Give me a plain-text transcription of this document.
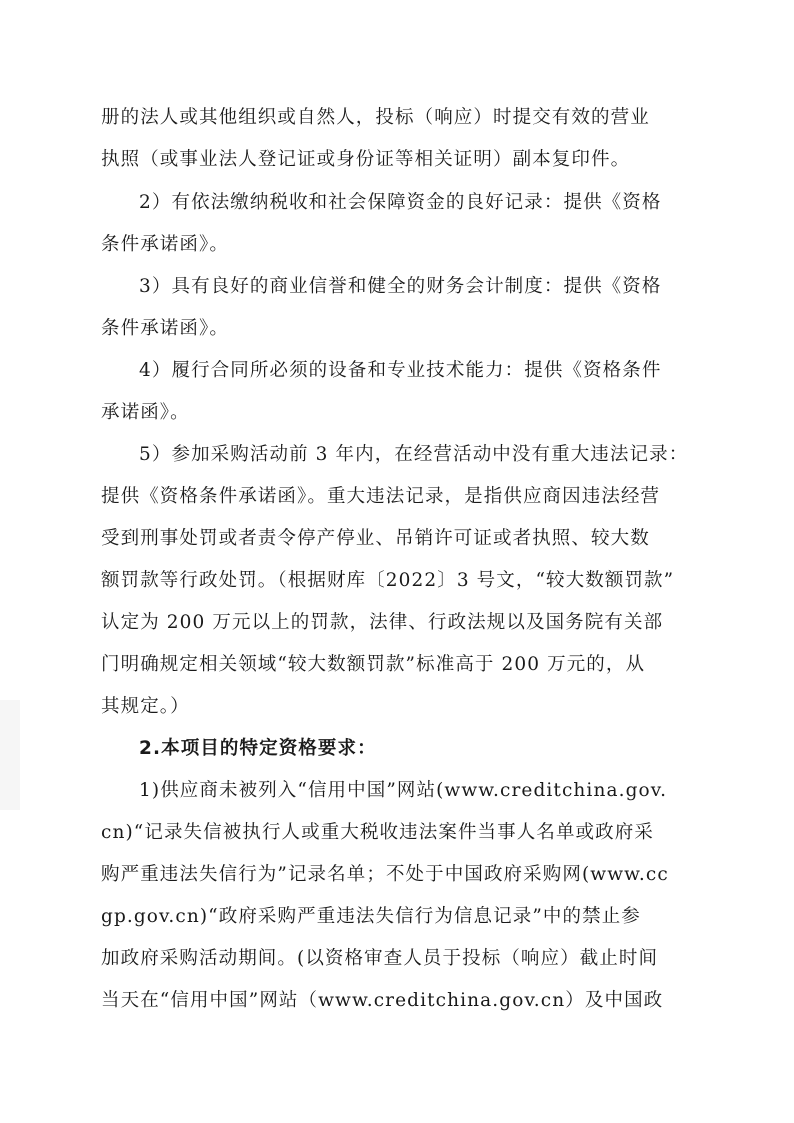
册的法人或其他组织或自然人，投标（响应）时提交有效的营业
执照（或事业法人登记证或身份证等相关证明）副本复印件。
2）有依法缴纳税收和社会保障资金的良好记录：提供《资格
条件承诺函》。
3）具有良好的商业信誉和健全的财务会计制度：提供《资格
条件承诺函》。
4）履行合同所必须的设备和专业技术能力：提供《资格条件
承诺函》。
5）参加采购活动前 3 年内，在经营活动中没有重大违法记录：
提供《资格条件承诺函》。重大违法记录，是指供应商因违法经营
受到刑事处罚或者责令停产停业、吊销许可证或者执照、较大数
额罚款等行政处罚。（根据财库〔2022〕3 号文，“较大数额罚款”
认定为 200 万元以上的罚款，法律、行政法规以及国务院有关部
门明确规定相关领域“较大数额罚款”标准高于 200 万元的，从
其规定。）
2.本项目的特定资格要求：
1)供应商未被列入“信用中国”网站(www.creditchina.gov.
cn)“记录失信被执行人或重大税收违法案件当事人名单或政府采
购严重违法失信行为”记录名单；不处于中国政府采购网(www.cc
gp.gov.cn)“政府采购严重违法失信行为信息记录”中的禁止参
加政府采购活动期间。(以资格审查人员于投标（响应）截止时间
当天在“信用中国”网站（www.creditchina.gov.cn）及中国政
